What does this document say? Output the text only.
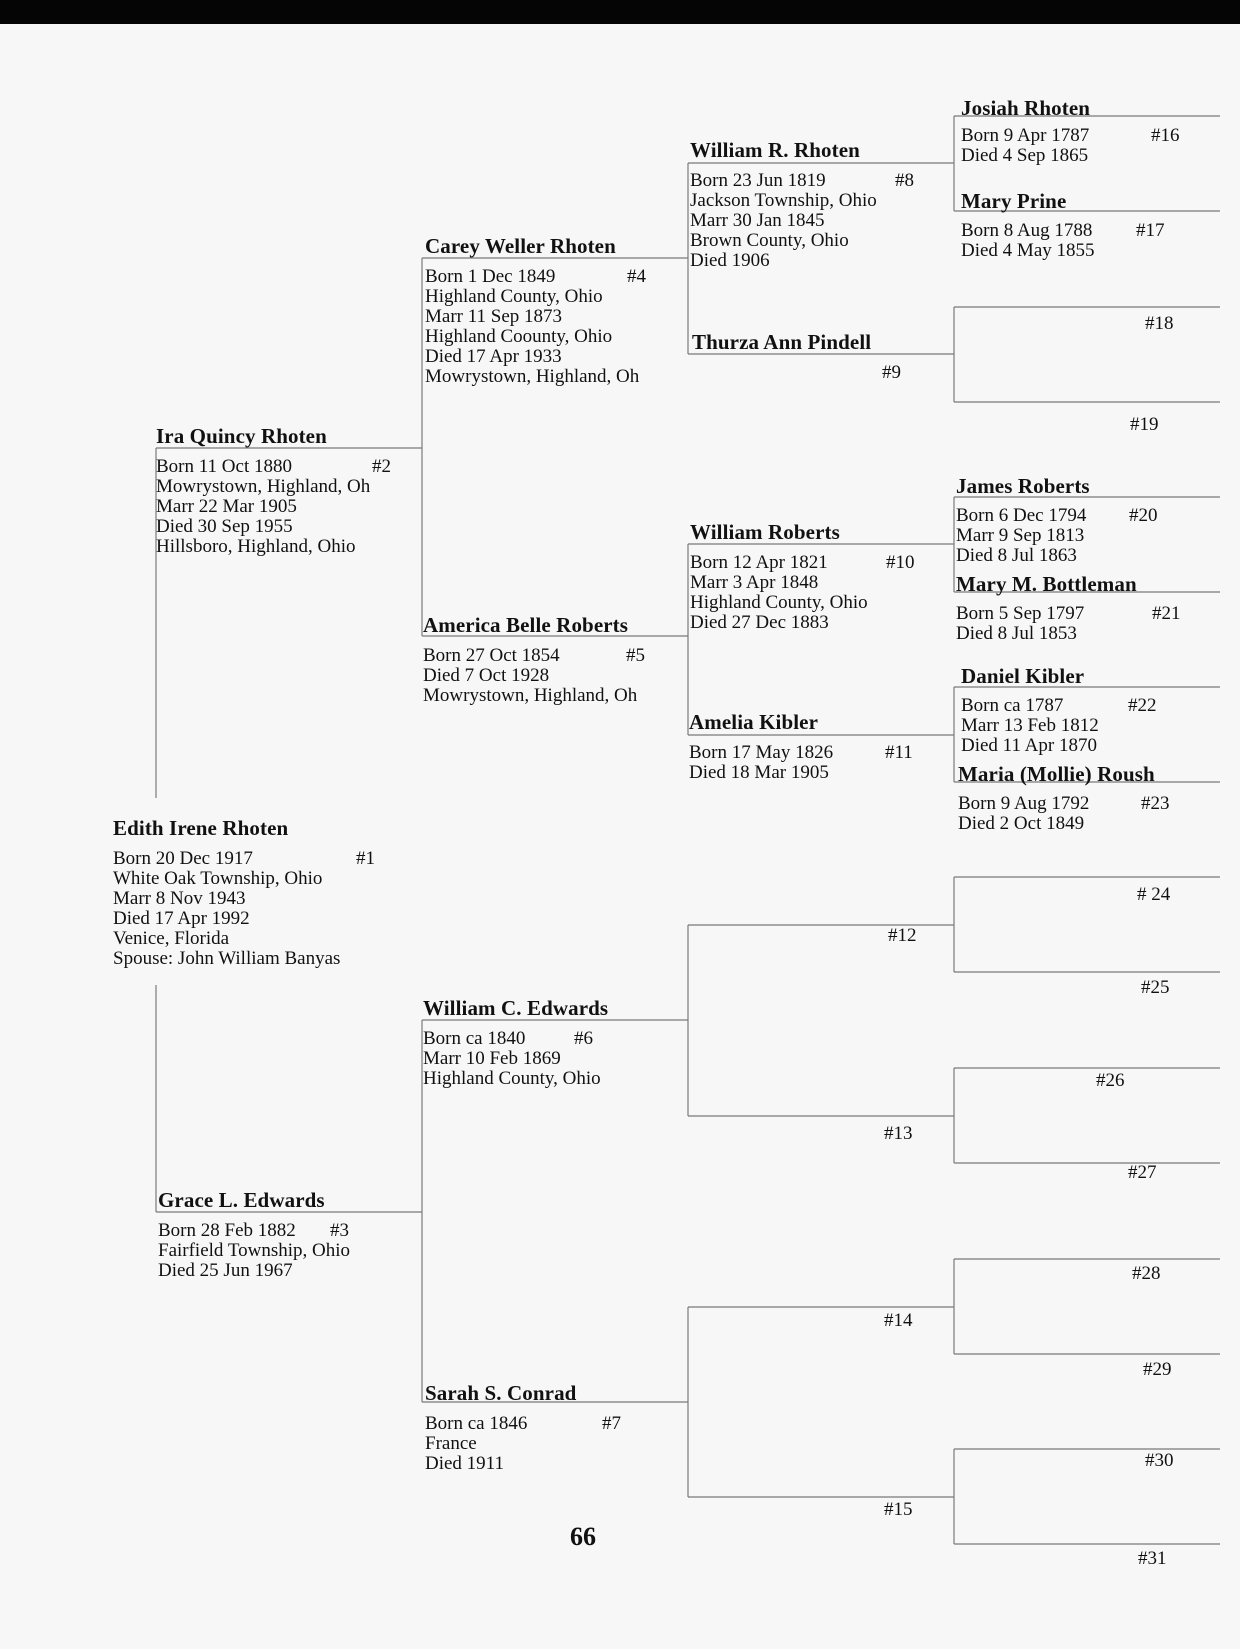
Edith Irene Rhoten
Born 20 Dec 1917	#1
White Oak Township, Ohio
Marr 8 Nov 1943
Died 17 Apr 1992
Venice, Florida
Spouse: John William Banyas
Ira Quincy Rhoten
Born 11 Oct 1880	#2
Mowrystown, Highland, Oh
Marr 22 Mar 1905
Died 30 Sep 1955
Hillsboro, Highland, Ohio
Grace L. Edwards
Born 28 Feb 1882 #3
Fairfield Township, Ohio
Died 25 Jun 1967
Carey Weller Rhoten
Born 1 Dec 1849	#4
Highland County, Ohio
Marr 11 Sep 1873
Highland Coounty, Ohio
Died 17 Apr 1933
Mowrystown, Highland, Oh
America Belle Roberts
Born 27 Oct 1854	#5
Died 7 Oct 1928
Mowrystown, Highland, Oh
William C. Edwards
Born ca 1840	#6
Marr 10 Feb 1869
Highland County, Ohio
Sarah S. Conrad
Born ca 1846	#7
France
Died 1911
William R. Rhoten
Born 23 Jun 1819	#8
Jackson Township, Ohio
Marr 30 Jan 1845
Brown County, Ohio
Died 1906
Thurza Ann Pindell
#9
William Roberts
Born 12 Apr 1821	#10
Marr 3 Apr 1848
Highland County, Ohio
Died 27 Dec 1883
Amelia Kibler
Born 17 May 1826	#11
Died 18 Mar 1905
Josiah Rhoten
Born 9 Apr 1787	#16
Died 4 Sep 1865
Mary Prine
Born 8 Aug 1788 #17
Died 4 May 1855
James Roberts
Born 6 Dec 1794 #20
Marr 9 Sep 1813
Died 8 Jul 1863
Mary M. Bottleman
Born 5 Sep 1797	#21
Died 8 Jul 1853
Daniel Kibler
Born ca 1787	#22
Marr 13 Feb 1812
Died 11 Apr 1870
Maria (Mollie) Roush
Born 9 Aug 1792	#23
Died 2 Oct 1849
#12
#13
#14
#15
#18
#19
# 24
#25
#26
#27
#28
#29
#30
#31
66
